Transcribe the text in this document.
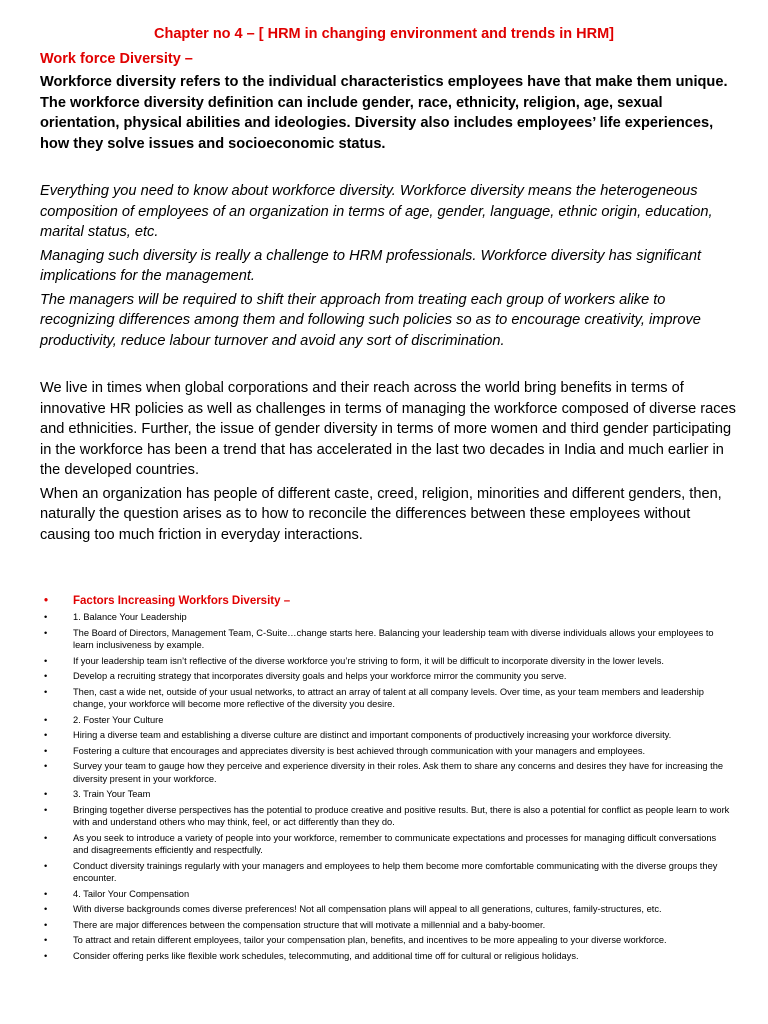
Chapter no 4 – [ HRM in changing environment and trends in HRM]
Work force Diversity –

Workforce diversity refers to the individual characteristics employees have that make them unique. The workforce diversity definition can include gender, race, ethnicity, religion, age, sexual orientation, physical abilities and ideologies. Diversity also includes employees’ life experiences, how they solve issues and socioeconomic status.

Everything you need to know about workforce diversity. Workforce diversity means the heterogeneous composition of employees of an organization in terms of age, gender, language, ethnic origin, education, marital status, etc.

Managing such diversity is really a challenge to HRM professionals. Workforce diversity has significant implications for the management.

The managers will be required to shift their approach from treating each group of workers alike to recognizing differences among them and following such policies so as to encourage creativity, improve productivity, reduce labour turnover and avoid any sort of discrimination.

We live in times when global corporations and their reach across the world bring benefits in terms of innovative HR policies as well as challenges in terms of managing the workforce composed of diverse races and ethnicities. Further, the issue of gender diversity in terms of more women and third gender participating in the workforce has been a trend that has accelerated in the last two decades in India and much earlier in the developed countries.

When an organization has people of different caste, creed, religion, minorities and different genders, then, naturally the question arises as to how to reconcile the differences between these employees without causing too much friction in everyday interactions.

• Factors Increasing Workfors Diversity –
•	1. Balance Your Leadership
•	The Board of Directors, Management Team, C-Suite…change starts here. Balancing your leadership team with diverse individuals allows your employees to learn inclusiveness by example.
•	If your leadership team isn’t reflective of the diverse workforce you’re striving to form, it will be difficult to incorporate diversity in the lower levels.
•	Develop a recruiting strategy that incorporates diversity goals and helps your workforce mirror the community you serve.
•	Then, cast a wide net, outside of your usual networks, to attract an array of talent at all company levels. Over time, as your team members and leadership change, your workforce will become more reflective of the diversity you desire.
•	2. Foster Your Culture
•	Hiring a diverse team and establishing a diverse culture are distinct and important components of productively increasing your workforce diversity.
•	Fostering a culture that encourages and appreciates diversity is best achieved through communication with your managers and employees.
•	Survey your team to gauge how they perceive and experience diversity in their roles. Ask them to share any concerns and desires they have for increasing the diversity present in your workforce.
•	3. Train Your Team
•	Bringing together diverse perspectives has the potential to produce creative and positive results. But, there is also a potential for conflict as people learn to work with and understand others who may think, feel, or act differently than they do.
•	As you seek to introduce a variety of people into your workforce, remember to communicate expectations and processes for managing difficult conversations and disagreements efficiently and respectfully.
•	Conduct diversity trainings regularly with your managers and employees to help them become more comfortable communicating with the diverse groups they encounter.
•	4. Tailor Your Compensation
•	With diverse backgrounds comes diverse preferences! Not all compensation plans will appeal to all generations, cultures, family-structures, etc.
•	There are major differences between the compensation structure that will motivate a millennial and a baby-boomer.
•	To attract and retain different employees, tailor your compensation plan, benefits, and incentives to be more appealing to your diverse workforce.
•	Consider offering perks like flexible work schedules, telecommuting, and additional time off for cultural or religious holidays.
